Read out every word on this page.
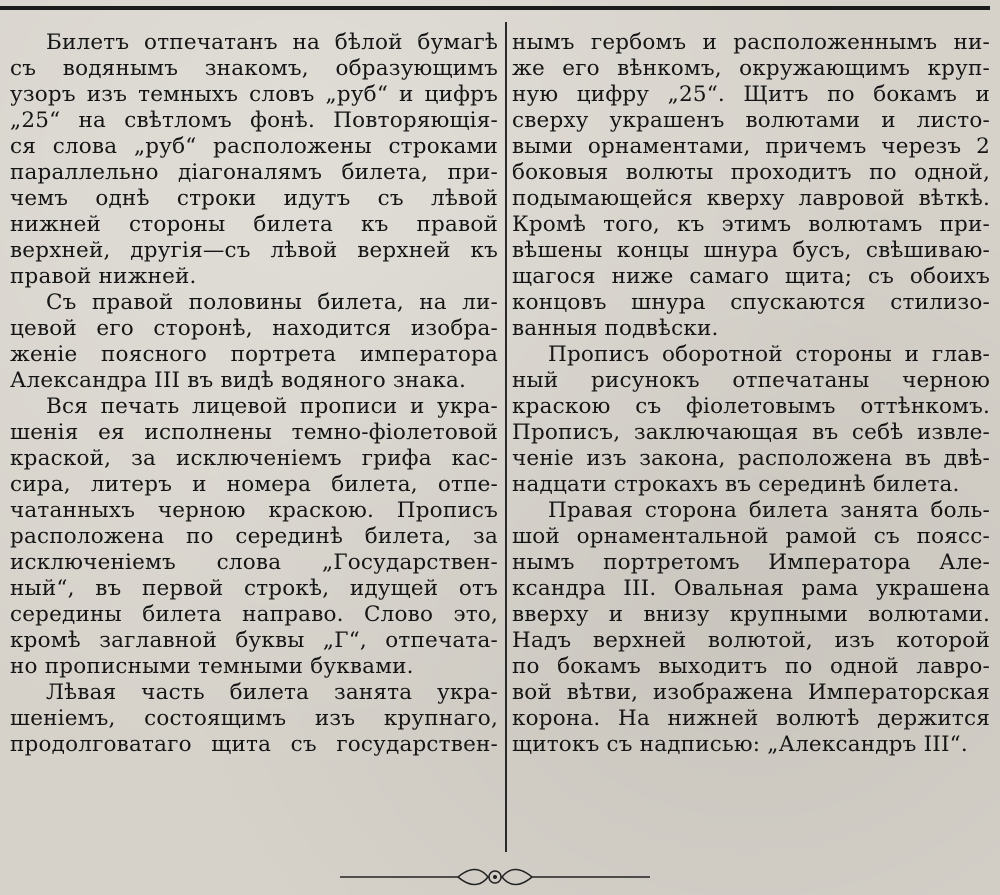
Билетъ отпечатанъ на бѣлой бумагѣ
съ водянымъ знакомъ, образующимъ
узоръ изъ темныхъ словъ „руб“ и цифръ
„25“ на свѣтломъ фонѣ. Повторяющія-
ся слова „руб“ расположены строками
параллельно діагоналямъ билета, при-
чемъ однѣ строки идутъ съ лѣвой
нижней стороны билета къ правой
верхней, другія—съ лѣвой верхней къ
правой нижней.
Съ правой половины билета, на ли-
цевой его сторонѣ, находится изобра-
женіе поясного портрета императора
Александра III въ видѣ водяного знака.
Вся печать лицевой прописи и укра-
шенія ея исполнены темно-фіолетовой
краской, за исключеніемъ грифа кас-
сира, литеръ и номера билета, отпе-
чатанныхъ черною краскою. Прописъ
расположена по серединѣ билета, за
исключеніемъ слова „Государствен-
ный“, въ первой строкѣ, идущей отъ
середины билета направо. Слово это,
кромѣ заглавной буквы „Г“, отпечата-
но прописными темными буквами.
Лѣвая часть билета занята укра-
шеніемъ, состоящимъ изъ крупнаго,
продолговатаго щита съ государствен-
нымъ гербомъ и расположеннымъ ни-
же его вѣнкомъ, окружающимъ круп-
ную цифру „25“. Щитъ по бокамъ и
сверху украшенъ волютами и листо-
выми орнаментами, причемъ черезъ 2
боковыя волюты проходитъ по одной,
подымающейся кверху лавровой вѣткѣ.
Кромѣ того, къ этимъ волютамъ при-
вѣшены концы шнура бусъ, свѣшиваю-
щагося ниже самаго щита; съ обоихъ
концовъ шнура спускаются стилизо-
ванныя подвѣски.
Прописъ оборотной стороны и глав-
ный рисунокъ отпечатаны черною
краскою съ фіолетовымъ оттѣнкомъ.
Прописъ, заключающая въ себѣ извле-
ченіе изъ закона, расположена въ двѣ-
надцати строкахъ въ серединѣ билета.
Правая сторона билета занята боль-
шой орнаментальной рамой съ поясс-
нымъ портретомъ Императора Але-
ксандра III. Овальная рама украшена
вверху и внизу крупными волютами.
Надъ верхней волютой, изъ которой
по бокамъ выходитъ по одной лавро-
вой вѣтви, изображена Императорская
корона. На нижней волютѣ держится
щитокъ съ надписью: „Александръ III“.
